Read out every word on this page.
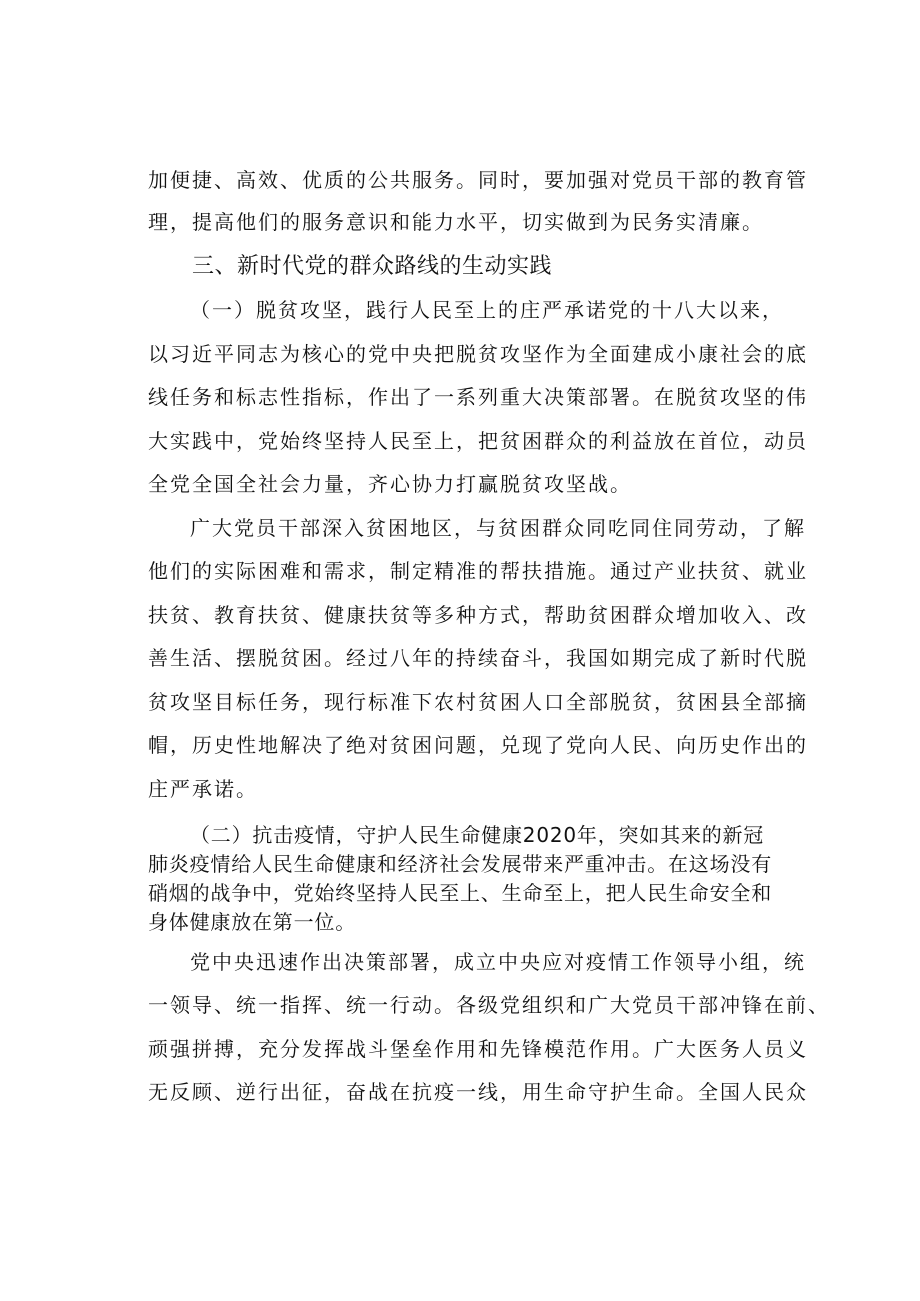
加便捷、高效、优质的公共服务。同时，要加强对党员干部的教育管
理，提高他们的服务意识和能力水平，切实做到为民务实清廉。
三、新时代党的群众路线的生动实践
（一）脱贫攻坚，践行人民至上的庄严承诺党的十八大以来，
以习近平同志为核心的党中央把脱贫攻坚作为全面建成小康社会的底
线任务和标志性指标，作出了一系列重大决策部署。在脱贫攻坚的伟
大实践中，党始终坚持人民至上，把贫困群众的利益放在首位，动员
全党全国全社会力量，齐心协力打赢脱贫攻坚战。
广大党员干部深入贫困地区，与贫困群众同吃同住同劳动，了解
他们的实际困难和需求，制定精准的帮扶措施。通过产业扶贫、就业
扶贫、教育扶贫、健康扶贫等多种方式，帮助贫困群众增加收入、改
善生活、摆脱贫困。经过八年的持续奋斗，我国如期完成了新时代脱
贫攻坚目标任务，现行标准下农村贫困人口全部脱贫，贫困县全部摘
帽，历史性地解决了绝对贫困问题，兑现了党向人民、向历史作出的
庄严承诺。
（二）抗击疫情，守护人民生命健康2020年，突如其来的新冠
肺炎疫情给人民生命健康和经济社会发展带来严重冲击。在这场没有
硝烟的战争中，党始终坚持人民至上、生命至上，把人民生命安全和
身体健康放在第一位。
党中央迅速作出决策部署，成立中央应对疫情工作领导小组，统
一领导、统一指挥、统一行动。各级党组织和广大党员干部冲锋在前、
顽强拼搏，充分发挥战斗堡垒作用和先锋模范作用。广大医务人员义
无反顾、逆行出征，奋战在抗疫一线，用生命守护生命。全国人民众
